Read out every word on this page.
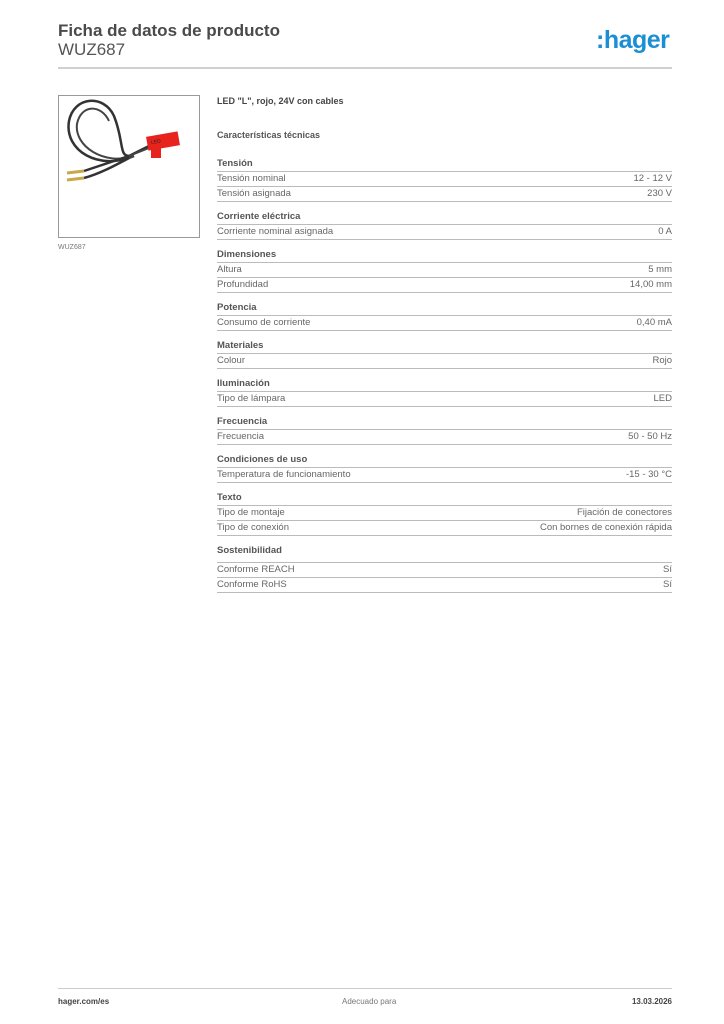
Ficha de datos de producto
WUZ687	:hager
LED
WUZ687
LED "L", rojo, 24V con cables
Características técnicas
Tensión
Tensión nominal	12 - 12 V
Tensión asignada	230 V
Corriente eléctrica
Corriente nominal asignada	0 A
Dimensiones
Altura	5 mm
Profundidad	14,00 mm
Potencia
Consumo de corriente	0,40 mA
Materiales
Colour	Rojo
Iluminación
Tipo de lámpara	LED
Frecuencia
Frecuencia	50 - 50 Hz
Condiciones de uso
Temperatura de funcionamiento	-15 - 30 °C
Texto
Tipo de montaje	Fijación de conectores
Tipo de conexión	Con bornes de conexión rápida
Sostenibilidad
Conforme REACH	Sí
Conforme RoHS	Sí
hager.com/es	Adecuado para	13.03.2026
